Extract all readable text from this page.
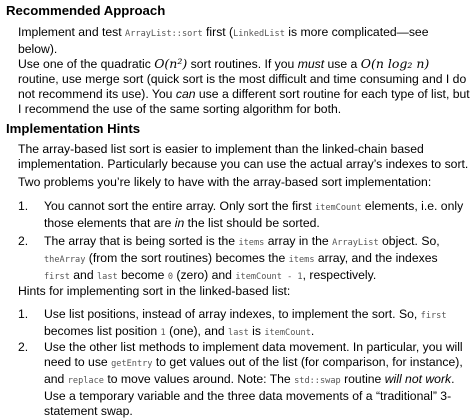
Recommended Approach

Implement and test ArrayList::sort first (LinkedList is more complicated—see below).

Use one of the quadratic O(n²) sort routines. If you must use a O(n log₂ n) routine, use merge sort (quick sort is the most difficult and time consuming and I do not recommend its use). You can use a different sort routine for each type of list, but I recommend the use of the same sorting algorithm for both.

Implementation Hints

The array-based list sort is easier to implement than the linked-chain based implementation. Particularly because you can use the actual array’s indexes to sort.

Two problems you’re likely to have with the array-based sort implementation:

1.	You cannot sort the entire array. Only sort the first itemCount elements, i.e. only those elements that are in the list should be sorted.
2.	The array that is being sorted is the items array in the ArrayList object. So, theArray (from the sort routines) becomes the items array, and the indexes first and last become 0 (zero) and itemCount - 1, respectively.

Hints for implementing sort in the linked-based list:

1.	Use list positions, instead of array indexes, to implement the sort. So, first becomes list position 1 (one), and last is itemCount.
2.	Use the other list methods to implement data movement. In particular, you will need to use getEntry to get values out of the list (for comparison, for instance), and replace to move values around. Note: The std::swap routine will not work. Use a temporary variable and the three data movements of a “traditional” 3-statement swap.
